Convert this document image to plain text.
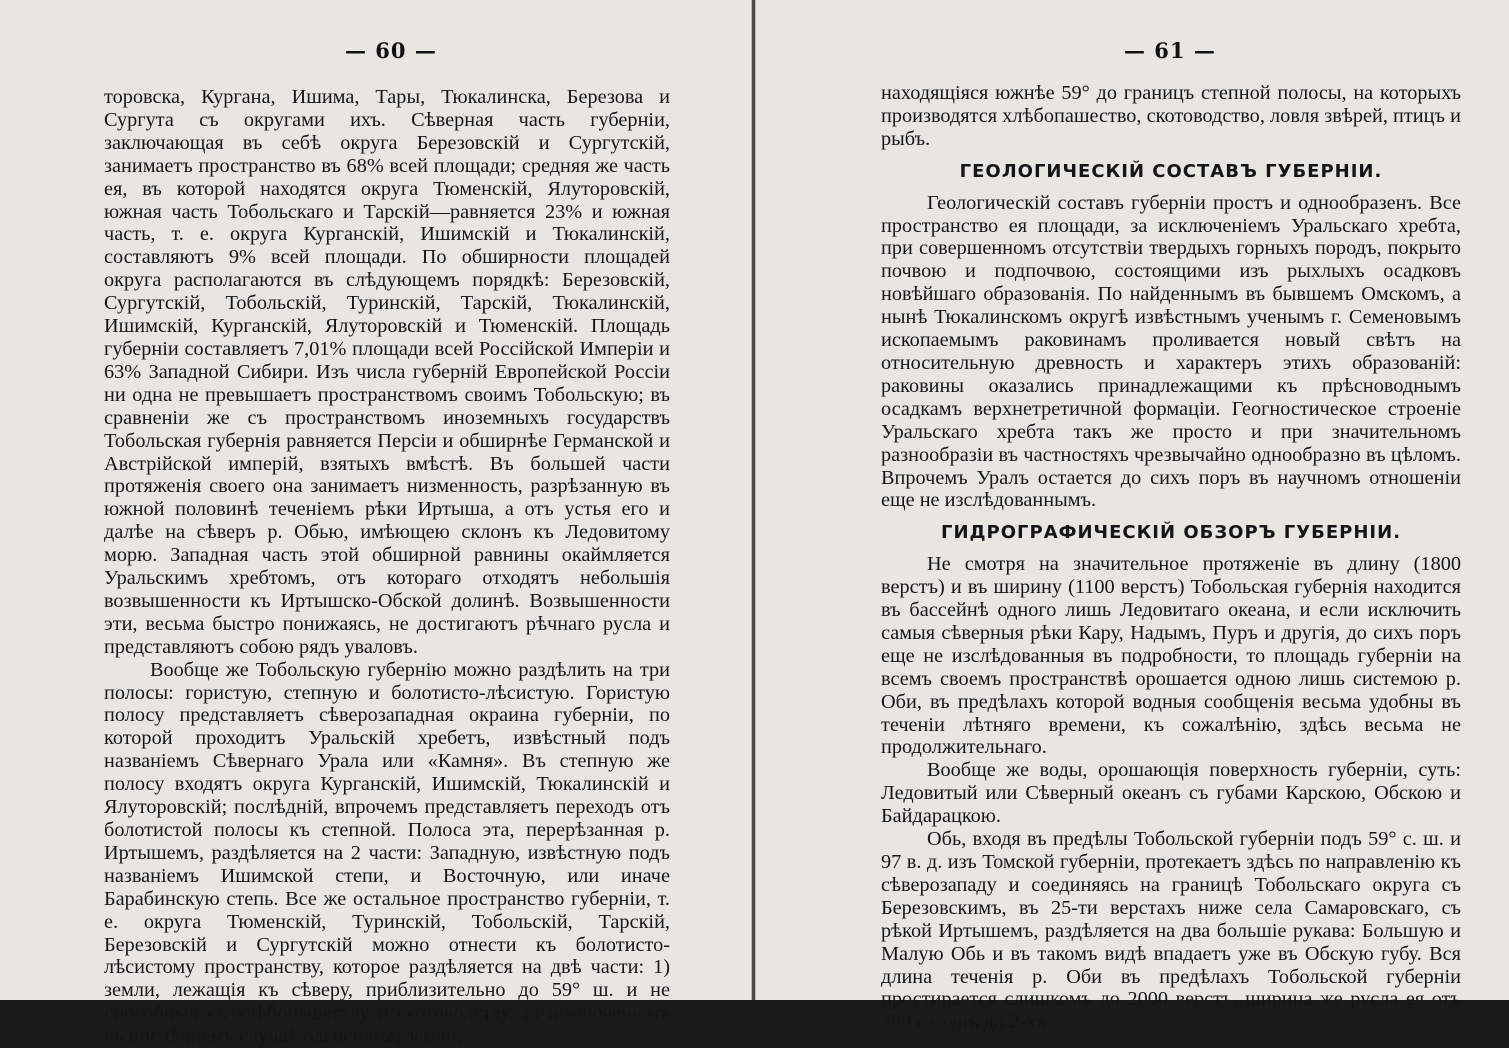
— 60 —

торовска, Кургана, Ишима, Тары, Тюкалинска, Березова и Сургута съ округами ихъ. Сѣверная часть губерніи, заключающая въ себѣ округа Березовскій и Сургутскій, занимаетъ пространство въ 68% всей площади; средняя же часть ея, въ которой находятся округа Тюменскій, Ялуторовскій, южная часть Тобольскаго и Тарскій—равняется 23% и южная часть, т. е. округа Курганскій, Ишимскій и Тюкалинскій, составляютъ 9% всей площади. По обширности площадей округа располагаются въ слѣдующемъ порядкѣ: Березовскій, Сургутскій, Тобольскій, Туринскій, Тарскій, Тюкалинскій, Ишимскій, Курганскій, Ялуторовскій и Тюменскій. Площадь губерніи составляетъ 7,01% площади всей Россійской Имперіи и 63% Западной Сибири. Изъ числа губерній Европейской Россіи ни одна не превышаетъ пространствомъ своимъ Тобольскую; въ сравненіи же съ пространствомъ иноземныхъ государствъ Тобольская губернія равняется Персіи и обширнѣе Германской и Австрійской имперій, взятыхъ вмѣстѣ. Въ большей части протяженія своего она занимаетъ низменность, разрѣзанную въ южной половинѣ теченіемъ рѣки Иртыша, а отъ устья его и далѣе на сѣверъ р. Обью, имѣющею склонъ къ Ледовитому морю. Западная часть этой обширной равнины окаймляется Уральскимъ хребтомъ, отъ котораго отходятъ небольшія возвышенности къ Иртышско-Обской долинѣ. Возвышенности эти, весьма быстро понижаясь, не достигаютъ рѣчнаго русла и представляютъ собою рядъ уваловъ.

Вообще же Тобольскую губернію можно раздѣлить на три полосы: гористую, степную и болотисто-лѣсистую. Гористую полосу представляетъ сѣверозападная окраина губерніи, по которой проходитъ Уральскій хребетъ, извѣстный подъ названіемъ Сѣвернаго Урала или «Камня». Въ степную же полосу входятъ округа Курганскій, Ишимскій, Тюкалинскій и Ялуторовскій; послѣдній, впрочемъ представляетъ переходъ отъ болотистой полосы къ степной. Полоса эта, перерѣзанная р. Иртышемъ, раздѣляется на 2 части: Западную, извѣстную подъ названіемъ Ишимской степи, и Восточную, или иначе Барабинскую степь. Все же остальное пространство губерніи, т. е. округа Тюменскій, Туринскій, Тобольскій, Тарскій, Березовскій и Сургутскій можно отнести къ болотисто-лѣсистому пространству, которое раздѣляется на двѣ части: 1) земли, лежащія къ сѣверу, приблизительно до 59° ш. и не способныя къ хлѣбопашеству и скотоводству, за исключеніемъ въ послѣднемъ случаѣ оленей и 2) земли,

— 61 —

находящіяся южнѣе 59° до границъ степной полосы, на которыхъ производятся хлѣбопашество, скотоводство, ловля звѣрей, птицъ и рыбъ.

ГЕОЛОГИЧЕСКІЙ СОСТАВЪ ГУБЕРНІИ.

Геологическій составъ губерніи простъ и однообразенъ. Все пространство ея площади, за исключеніемъ Уральскаго хребта, при совершенномъ отсутствіи твердыхъ горныхъ породъ, покрыто почвою и подпочвою, состоящими изъ рыхлыхъ осадковъ новѣйшаго образованія. По найденнымъ въ бывшемъ Омскомъ, а нынѣ Тюкалинскомъ округѣ извѣстнымъ ученымъ г. Семеновымъ ископаемымъ раковинамъ проливается новый свѣтъ на относительную древность и характеръ этихъ образованій: раковины оказались принадлежащими къ прѣсноводнымъ осадкамъ верхнетретичной формаціи. Геогностическое строеніе Уральскаго хребта такъ же просто и при значительномъ разнообразіи въ частностяхъ чрезвычайно однообразно въ цѣломъ. Впрочемъ Уралъ остается до сихъ поръ въ научномъ отношеніи еще не изслѣдованнымъ.

ГИДРОГРАФИЧЕСКІЙ ОБЗОРЪ ГУБЕРНІИ.

Не смотря на значительное протяженіе въ длину (1800 верстъ) и въ ширину (1100 верстъ) Тобольская губернія находится въ бассейнѣ одного лишь Ледовитаго океана, и если исключить самыя сѣверныя рѣки Кару, Надымъ, Пуръ и другія, до сихъ поръ еще не изслѣдованныя въ подробности, то площадь губерніи на всемъ своемъ пространствѣ орошается одною лишь системою р. Оби, въ предѣлахъ которой водныя сообщенія весьма удобны въ теченіи лѣтняго времени, къ сожалѣнію, здѣсь весьма не продолжительнаго.

Вообще же воды, орошающія поверхность губерніи, суть: Ледовитый или Сѣверный океанъ съ губами Карскою, Обскою и Байдарацкою.

Обь, входя въ предѣлы Тобольской губерніи подъ 59° с. ш. и 97 в. д. изъ Томской губерніи, протекаетъ здѣсь по направленію къ сѣверозападу и соединяясь на границѣ Тобольскаго округа съ Березовскимъ, въ 25-ти верстахъ ниже села Самаровскаго, съ рѣкой Иртышемъ, раздѣляется на два большіе рукава: Большую и Малую Обь и въ такомъ видѣ впадаетъ уже въ Обскую губу. Вся длина теченія р. Оби въ предѣлахъ Тобольской губерніи простирается слишкомъ до 2000 верстъ, ширина же русла ея отъ 400 саженъ до 2-хъ
